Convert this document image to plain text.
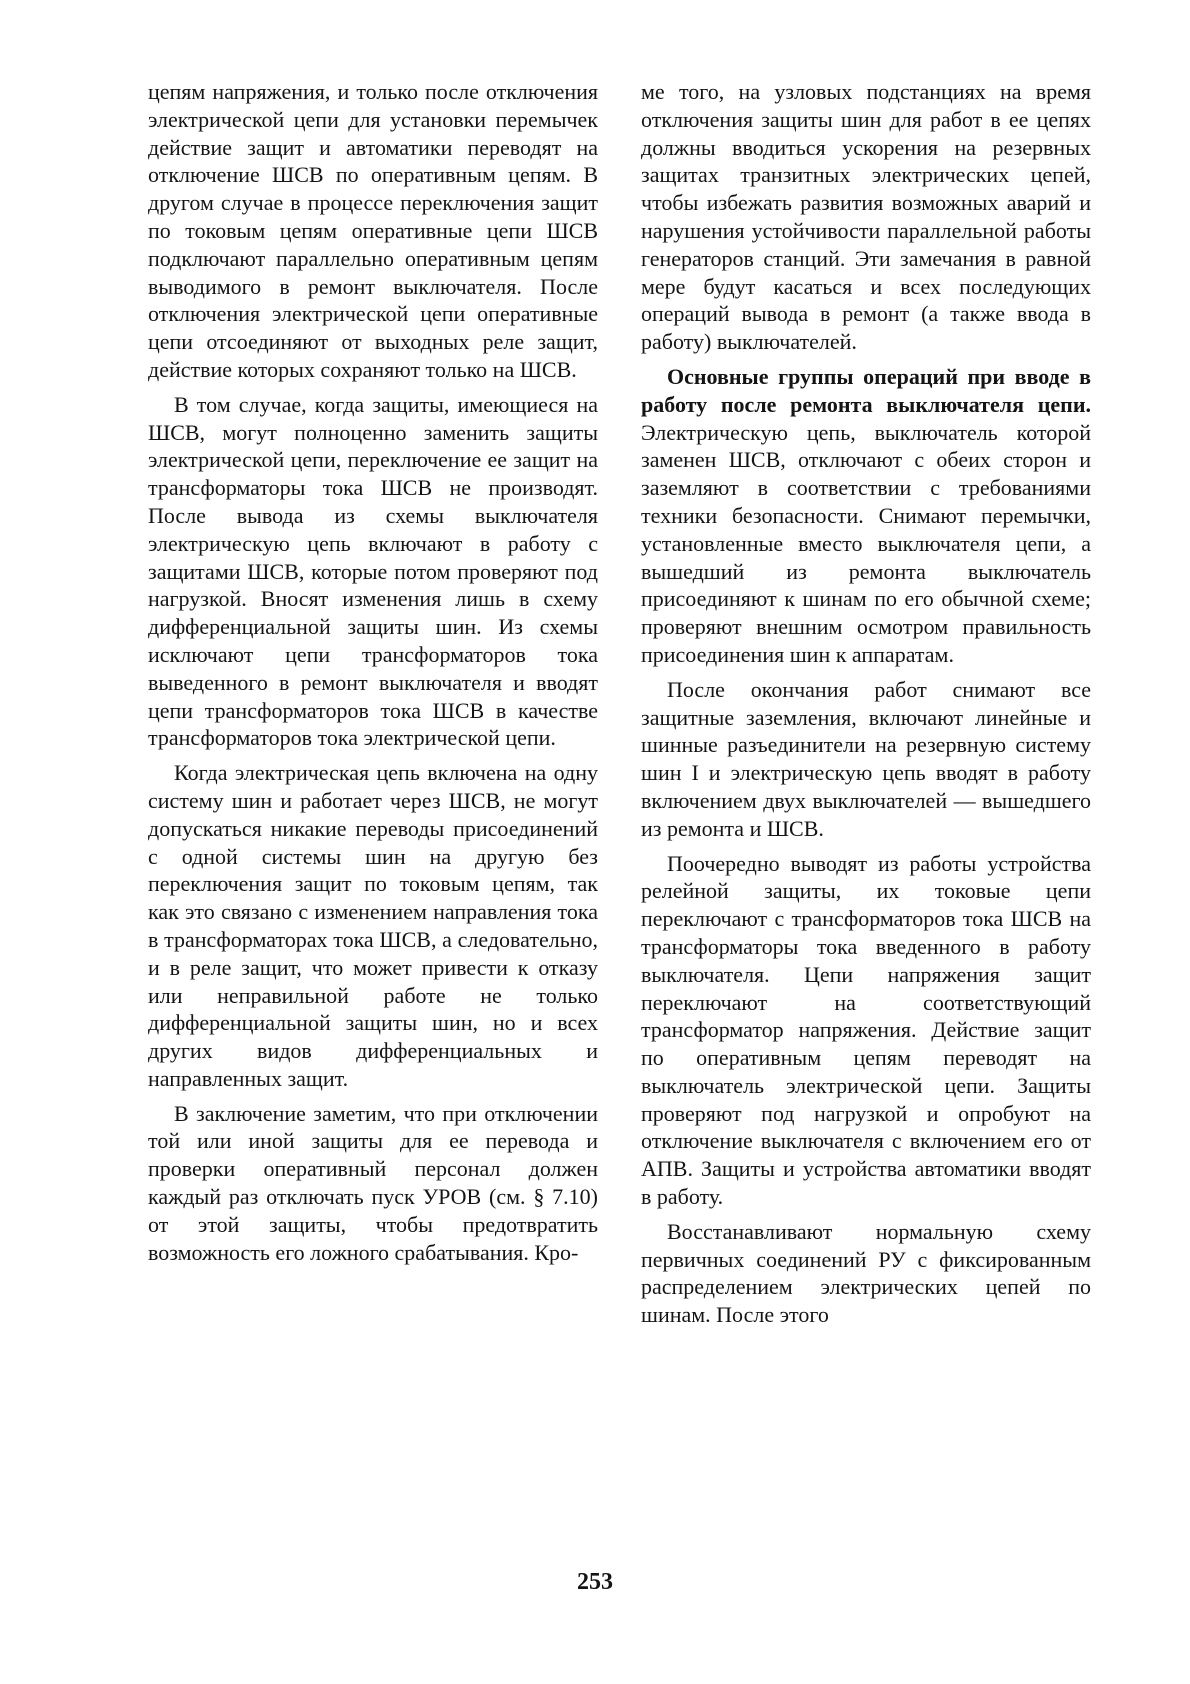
цепям напряжения, и только после отключения электрической цепи для установки перемычек действие защит и автоматики переводят на отключение ШСВ по оперативным цепям. В другом случае в процессе переключения защит по токовым цепям оперативные цепи ШСВ подключают параллельно оперативным цепям выводимого в ремонт выключателя. После отключения электрической цепи оперативные цепи отсоединяют от выходных реле защит, действие которых сохраняют только на ШСВ.

В том случае, когда защиты, имеющиеся на ШСВ, могут полноценно заменить защиты электрической цепи, переключение ее защит на трансформаторы тока ШСВ не производят. После вывода из схемы выключателя электрическую цепь включают в работу с защитами ШСВ, которые потом проверяют под нагрузкой. Вносят изменения лишь в схему дифференциальной защиты шин. Из схемы исключают цепи трансформаторов тока выведенного в ремонт выключателя и вводят цепи трансформаторов тока ШСВ в качестве трансформаторов тока электрической цепи.

Когда электрическая цепь включена на одну систему шин и работает через ШСВ, не могут допускаться никакие переводы присоединений с одной системы шин на другую без переключения защит по токовым цепям, так как это связано с изменением направления тока в трансформаторах тока ШСВ, а следовательно, и в реле защит, что может привести к отказу или неправильной работе не только дифференциальной защиты шин, но и всех других видов дифференциальных и направленных защит.

В заключение заметим, что при отключении той или иной защиты для ее перевода и проверки оперативный персонал должен каждый раз отключать пуск УРОВ (см. § 7.10) от этой защиты, чтобы предотвратить возможность его ложного срабатывания. Кро-

ме того, на узловых подстанциях на время отключения защиты шин для работ в ее цепях должны вводиться ускорения на резервных защитах транзитных электрических цепей, чтобы избежать развития возможных аварий и нарушения устойчивости параллельной работы генераторов станций. Эти замечания в равной мере будут касаться и всех последующих операций вывода в ремонт (а также ввода в работу) выключателей.

Основные группы операций при вводе в работу после ремонта выключателя цепи. Электрическую цепь, выключатель которой заменен ШСВ, отключают с обеих сторон и заземляют в соответствии с требованиями техники безопасности. Снимают перемычки, установленные вместо выключателя цепи, а вышедший из ремонта выключатель присоединяют к шинам по его обычной схеме; проверяют внешним осмотром правильность присоединения шин к аппаратам.

После окончания работ снимают все защитные заземления, включают линейные и шинные разъединители на резервную систему шин I и электрическую цепь вводят в работу включением двух выключателей — вышедшего из ремонта и ШСВ.

Поочередно выводят из работы устройства релейной защиты, их токовые цепи переключают с трансформаторов тока ШСВ на трансформаторы тока введенного в работу выключателя. Цепи напряжения защит переключают на соответствующий трансформатор напряжения. Действие защит по оперативным цепям переводят на выключатель электрической цепи. Защиты проверяют под нагрузкой и опробуют на отключение выключателя с включением его от АПВ. Защиты и устройства автоматики вводят в работу.

Восстанавливают нормальную схему первичных соединений РУ с фиксированным распределением электрических цепей по шинам. После этого

253
